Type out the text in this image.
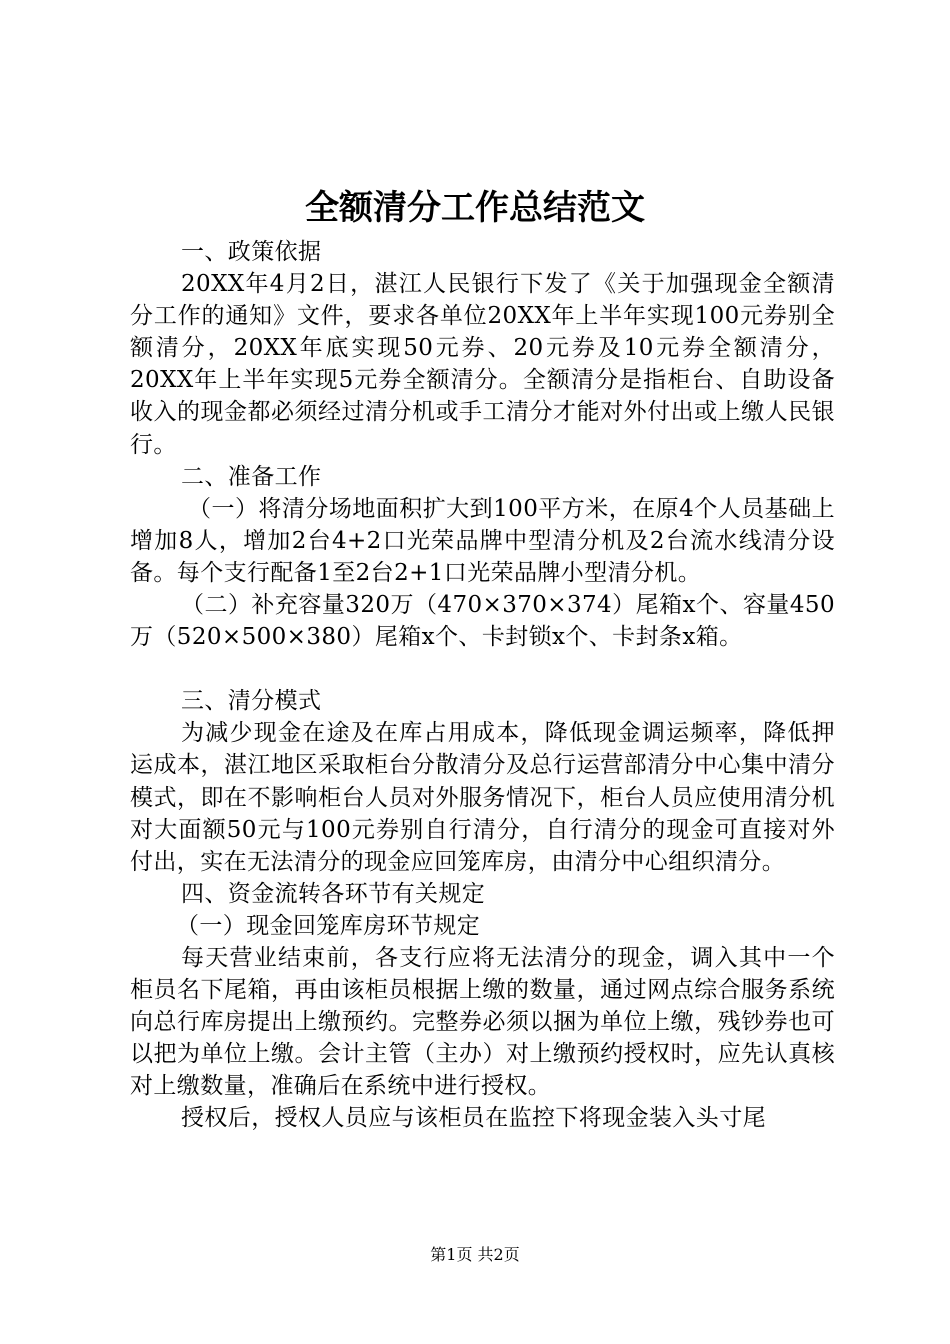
全额清分工作总结范文

一、政策依据

20XX年4月2日，湛江人民银行下发了《关于加强现金全额清分工作的通知》文件，要求各单位20XX年上半年实现100元券别全额清分，20XX年底实现50元券、20元券及10元券全额清分，20XX年上半年实现5元券全额清分。全额清分是指柜台、自助设备收入的现金都必须经过清分机或手工清分才能对外付出或上缴人民银行。

二、准备工作

（一）将清分场地面积扩大到100平方米，在原4个人员基础上增加8人，增加2台4+2口光荣品牌中型清分机及2台流水线清分设备。每个支行配备1至2台2+1口光荣品牌小型清分机。

（二）补充容量320万（470×370×374）尾箱x个、容量450万（520×500×380）尾箱x个、卡封锁x个、卡封条x箱。

三、清分模式

为减少现金在途及在库占用成本，降低现金调运频率，降低押运成本，湛江地区采取柜台分散清分及总行运营部清分中心集中清分模式，即在不影响柜台人员对外服务情况下，柜台人员应使用清分机对大面额50元与100元券别自行清分，自行清分的现金可直接对外付出，实在无法清分的现金应回笼库房，由清分中心组织清分。

四、资金流转各环节有关规定

（一）现金回笼库房环节规定

每天营业结束前，各支行应将无法清分的现金，调入其中一个柜员名下尾箱，再由该柜员根据上缴的数量，通过网点综合服务系统向总行库房提出上缴预约。完整券必须以捆为单位上缴，残钞券也可以把为单位上缴。会计主管（主办）对上缴预约授权时，应先认真核对上缴数量，准确后在系统中进行授权。

授权后，授权人员应与该柜员在监控下将现金装入头寸尾

第1页 共2页
